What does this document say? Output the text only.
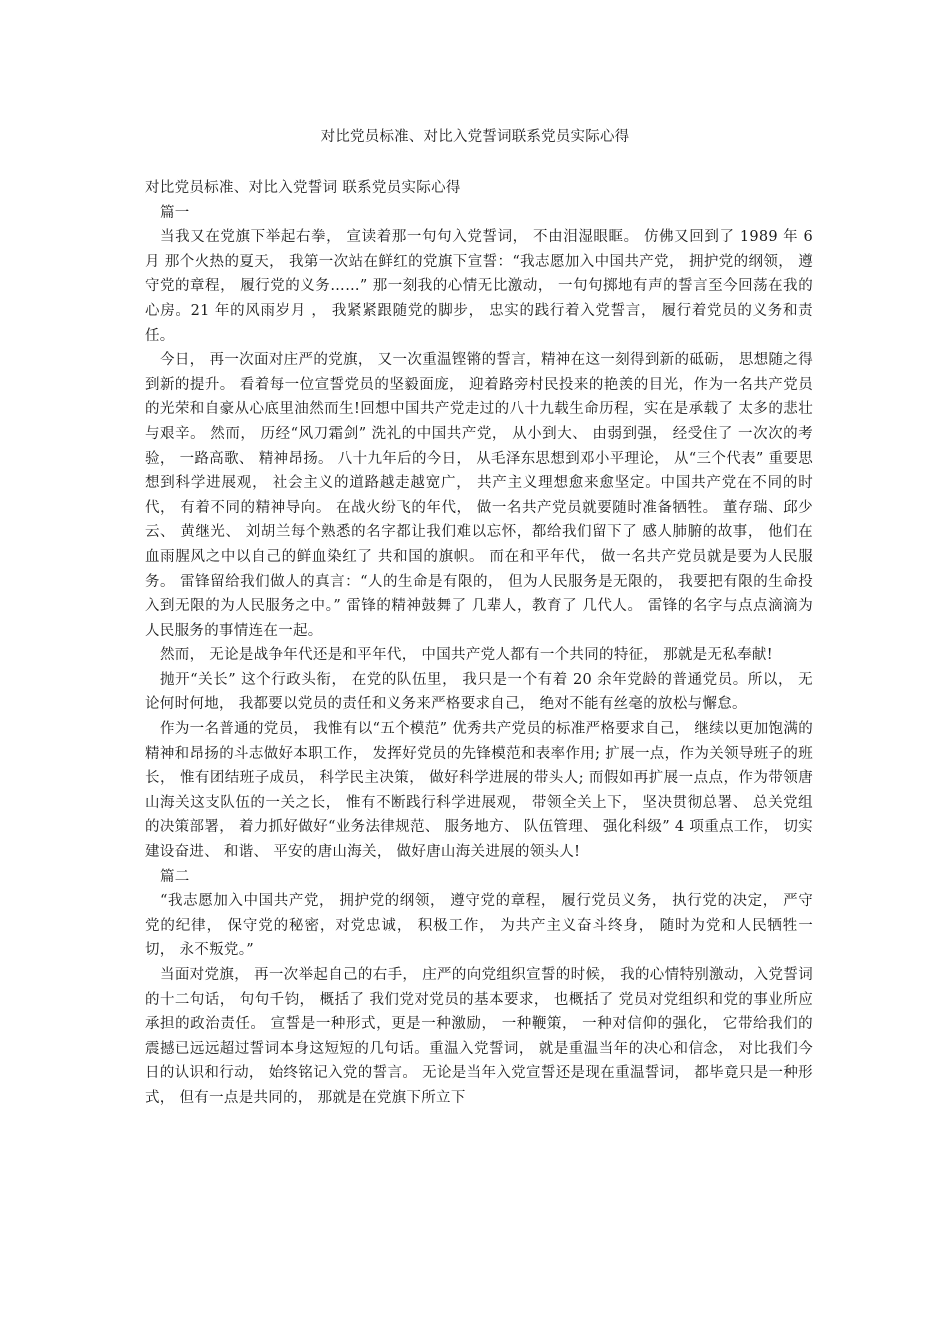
对比党员标准、对比入党誓词联系党员实际心得

对比党员标准、对比入党誓词 联系党员实际心得

篇一

当我又在党旗下举起右拳， 宣读着那一句句入党誓词， 不由泪湿眼眶。 仿佛又回到了 1989 年 6 月 那个火热的夏天， 我第一次站在鲜红的党旗下宣誓：“我志愿加入中国共产党， 拥护党的纲领， 遵守党的章程， 履行党的义务……” 那一刻我的心情无比激动， 一句句掷地有声的誓言至今回荡在我的心房。21 年的风雨岁月 ， 我紧紧跟随党的脚步， 忠实的践行着入党誓言， 履行着党员的义务和责任。

今日， 再一次面对庄严的党旗， 又一次重温铿锵的誓言，精神在这一刻得到新的砥砺， 思想随之得到新的提升。 看着每一位宣誓党员的坚毅面庞， 迎着路旁村民投来的艳羡的目光，作为一名共产党员的光荣和自豪从心底里油然而生!回想中国共产党走过的八十九载生命历程，实在是承载了 太多的悲壮与艰辛。 然而， 历经“风刀霜剑” 洗礼的中国共产党， 从小到大、 由弱到强， 经受住了 一次次的考验， 一路高歌、 精神昂扬。 八十九年后的今日， 从毛泽东思想到邓小平理论， 从“三个代表” 重要思想到科学进展观， 社会主义的道路越走越宽广， 共产主义理想愈来愈坚定。中国共产党在不同的时代， 有着不同的精神导向。 在战火纷飞的年代， 做一名共产党员就要随时准备牺牲。 董存瑞、邱少云、 黄继光、 刘胡兰每个熟悉的名字都让我们难以忘怀，都给我们留下了 感人肺腑的故事， 他们在血雨腥风之中以自己的鲜血染红了 共和国的旗帜。 而在和平年代， 做一名共产党员就是要为人民服务。 雷锋留给我们做人的真言：“人的生命是有限的， 但为人民服务是无限的， 我要把有限的生命投入到无限的为人民服务之中。” 雷锋的精神鼓舞了 几辈人，教育了 几代人。 雷锋的名字与点点滴滴为人民服务的事情连在一起。

然而， 无论是战争年代还是和平年代， 中国共产党人都有一个共同的特征， 那就是无私奉献!

抛开“关长” 这个行政头衔， 在党的队伍里， 我只是一个有着 20 余年党龄的普通党员。所以， 无论何时何地， 我都要以党员的责任和义务来严格要求自己， 绝对不能有丝毫的放松与懈怠。

作为一名普通的党员， 我惟有以“五个模范” 优秀共产党员的标准严格要求自己， 继续以更加饱满的精神和昂扬的斗志做好本职工作， 发挥好党员的先锋模范和表率作用; 扩展一点，作为关领导班子的班长， 惟有团结班子成员， 科学民主决策， 做好科学进展的带头人; 而假如再扩展一点点，作为带领唐山海关这支队伍的一关之长， 惟有不断践行科学进展观， 带领全关上下， 坚决贯彻总署、 总关党组的决策部署， 着力抓好做好“业务法律规范、 服务地方、 队伍管理、 强化科级” 4 项重点工作， 切实建设奋进、 和谐、 平安的唐山海关， 做好唐山海关进展的领头人!

篇二

“我志愿加入中国共产党， 拥护党的纲领， 遵守党的章程， 履行党员义务， 执行党的决定， 严守党的纪律， 保守党的秘密，对党忠诚， 积极工作， 为共产主义奋斗终身， 随时为党和人民牺牲一切， 永不叛党。”

当面对党旗， 再一次举起自己的右手， 庄严的向党组织宣誓的时候， 我的心情特别激动，入党誓词的十二句话， 句句千钧， 概括了 我们党对党员的基本要求， 也概括了 党员对党组织和党的事业所应承担的政治责任。 宣誓是一种形式，更是一种激励， 一种鞭策， 一种对信仰的强化， 它带给我们的震撼已远远超过誓词本身这短短的几句话。重温入党誓词， 就是重温当年的决心和信念， 对比我们今日的认识和行动， 始终铭记入党的誓言。 无论是当年入党宣誓还是现在重温誓词， 都毕竟只是一种形式， 但有一点是共同的， 那就是在党旗下所立下
